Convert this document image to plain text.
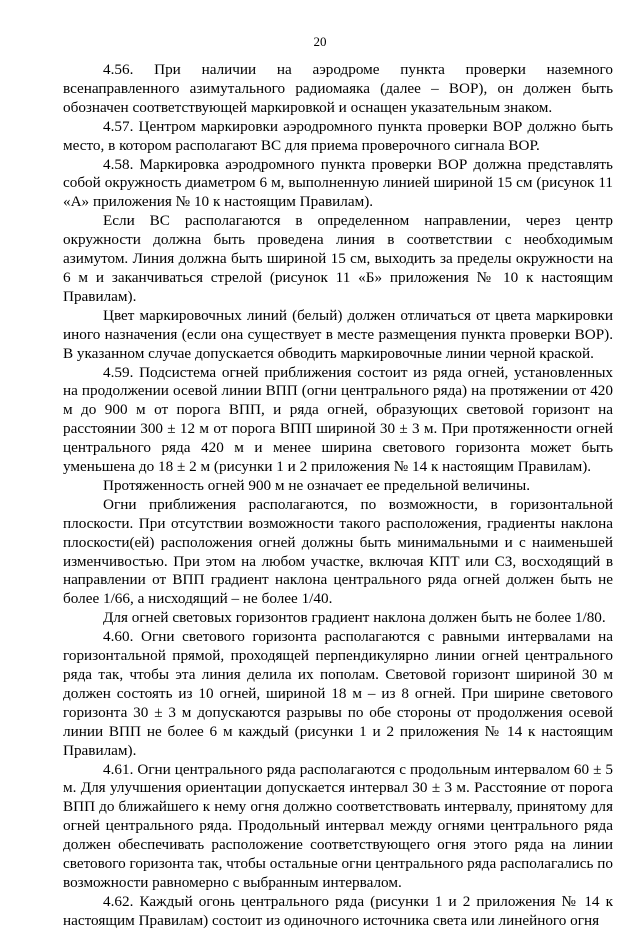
20

4.56. При наличии на аэродроме пункта проверки наземного всенаправленного азимутального радиомаяка (далее – ВОР), он должен быть обозначен соответствующей маркировкой и оснащен указательным знаком.

4.57. Центром маркировки аэродромного пункта проверки ВОР должно быть место, в котором располагают ВС для приема проверочного сигнала ВОР.

4.58. Маркировка аэродромного пункта проверки ВОР должна представлять собой окружность диаметром 6 м, выполненную линией шириной 15 см (рисунок 11 «А» приложения № 10 к настоящим Правилам).

Если ВС располагаются в определенном направлении, через центр окружности должна быть проведена линия в соответствии с необходимым азимутом. Линия должна быть шириной 15 см, выходить за пределы окружности на 6 м и заканчиваться стрелой (рисунок 11 «Б» приложения № 10 к настоящим Правилам).

Цвет маркировочных линий (белый) должен отличаться от цвета маркировки иного назначения (если она существует в месте размещения пункта проверки ВОР). В указанном случае допускается обводить маркировочные линии черной краской.

4.59. Подсистема огней приближения состоит из ряда огней, установленных на продолжении осевой линии ВПП (огни центрального ряда) на протяжении от 420 м до 900 м от порога ВПП, и ряда огней, образующих световой горизонт на расстоянии 300 ± 12 м от порога ВПП шириной 30 ± 3 м. При протяженности огней центрального ряда 420 м и менее ширина светового горизонта может быть уменьшена до 18 ± 2 м (рисунки 1 и 2 приложения № 14 к настоящим Правилам).

Протяженность огней 900 м не означает ее предельной величины.

Огни приближения располагаются, по возможности, в горизонтальной плоскости. При отсутствии возможности такого расположения, градиенты наклона плоскости(ей) расположения огней должны быть минимальными и с наименьшей изменчивостью. При этом на любом участке, включая КПТ или СЗ, восходящий в направлении от ВПП градиент наклона центрального ряда огней должен быть не более 1/66, а нисходящий – не более 1/40.

Для огней световых горизонтов градиент наклона должен быть не более 1/80.

4.60. Огни светового горизонта располагаются с равными интервалами на горизонтальной прямой, проходящей перпендикулярно линии огней центрального ряда так, чтобы эта линия делила их пополам. Световой горизонт шириной 30 м должен состоять из 10 огней, шириной 18 м – из 8 огней. При ширине светового горизонта 30 ± 3 м допускаются разрывы по обе стороны от продолжения осевой линии ВПП не более 6 м каждый (рисунки 1 и 2 приложения № 14 к настоящим Правилам).

4.61. Огни центрального ряда располагаются с продольным интервалом 60 ± 5 м. Для улучшения ориентации допускается интервал 30 ± 3 м. Расстояние от порога ВПП до ближайшего к нему огня должно соответствовать интервалу, принятому для огней центрального ряда. Продольный интервал между огнями центрального ряда должен обеспечивать расположение соответствующего огня этого ряда на линии светового горизонта так, чтобы остальные огни центрального ряда располагались по возможности равномерно с выбранным интервалом.

4.62. Каждый огонь центрального ряда (рисунки 1 и 2 приложения № 14 к настоящим Правилам) состоит из одиночного источника света или линейного огня
